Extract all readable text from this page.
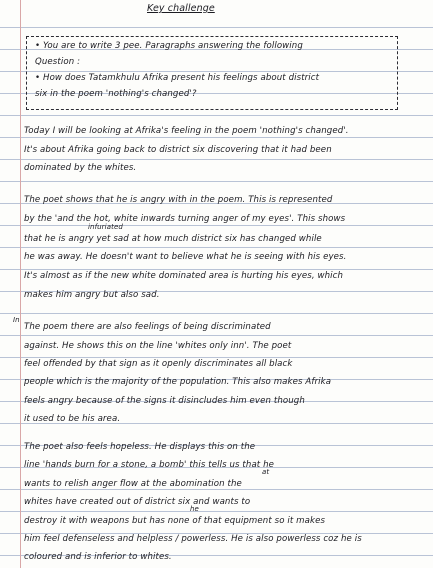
Key challenge
• You are to write 3 pee. Paragraphs answering the following
Question :
• How does Tatamkhulu Afrika present his feelings about district
six in the poem 'nothing's changed'?
Today I will be looking at Afrika's feeling in the poem 'nothing's changed'.
It's about Afrika going back to district six discovering that it had been
dominated by the whites.
The poet shows that he is angry with in the poem. This is represented
by the 'and the hot, white inwards turning anger of my eyes'. This shows
infuriated
that he is angry yet sad at how much district six has changed while
he was away. He doesn't want to believe what he is seeing with his eyes.
It's almost as if the new white dominated area is hurting his eyes, which
makes him angry but also sad.
In
The poem there are also feelings of being discriminated
against. He shows this on the line 'whites only inn'. The poet
feel offended by that sign as it openly discriminates all black
people which is the majority of the population. This also makes Afrika
feels angry because of the signs it disincludes him even though
it used to be his area.
The poet also feels hopeless. He displays this on the
line 'hands burn for a stone, a bomb' this tells us that he
at
wants to relish anger flow at the abomination the
whites have created out of district six and wants to
he
destroy it with weapons but has none of that equipment so it makes
him feel defenseless and helpless / powerless. He is also powerless coz he is
coloured and is inferior to whites.
